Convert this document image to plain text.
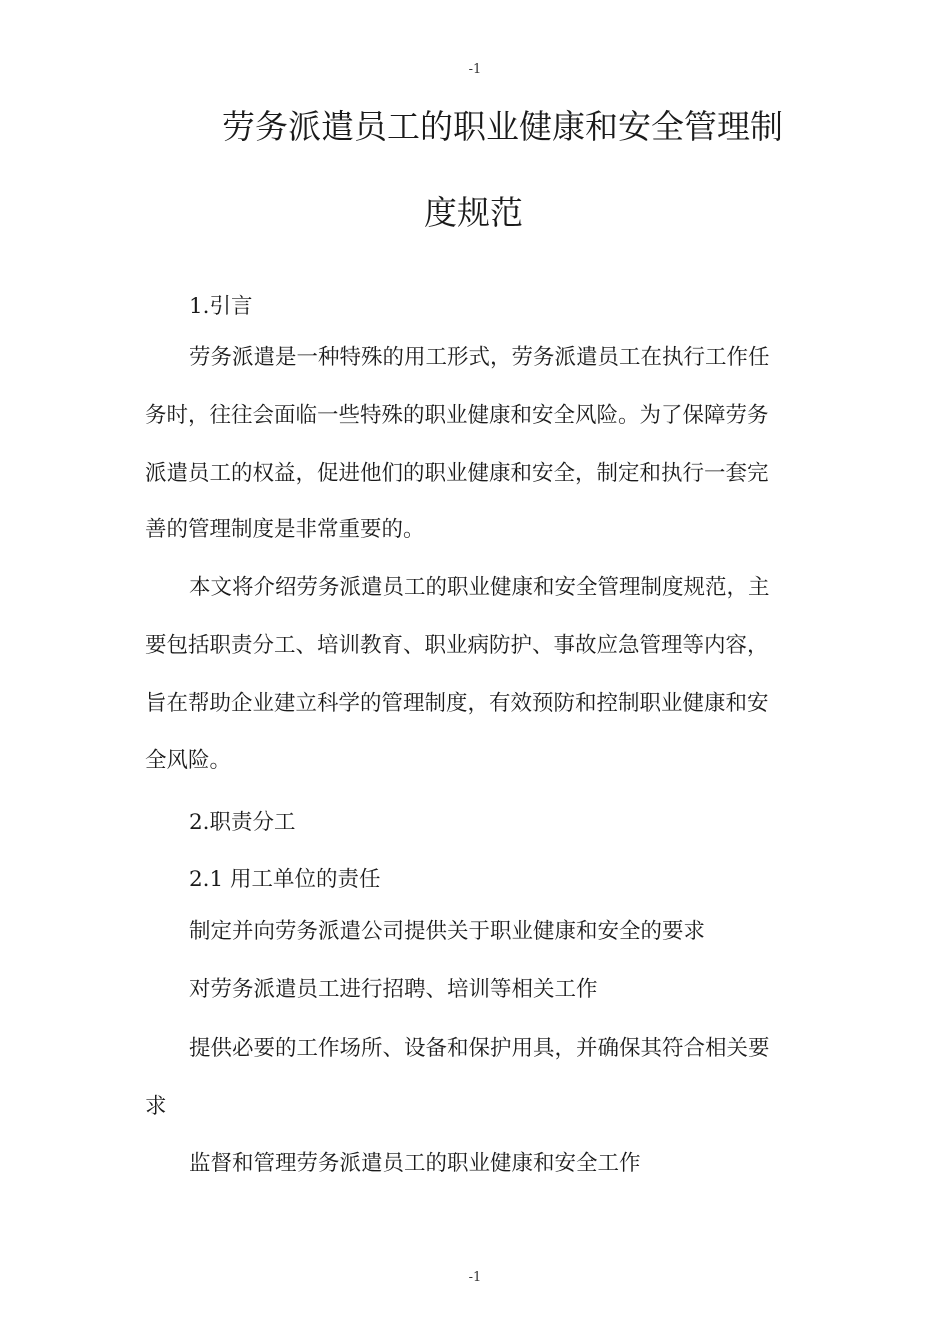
-1
劳务派遣员工的职业健康和安全管理制
度规范
1.引言
劳务派遣是一种特殊的用工形式，劳务派遣员工在执行工作任
务时，往往会面临一些特殊的职业健康和安全风险。为了保障劳务
派遣员工的权益，促进他们的职业健康和安全，制定和执行一套完
善的管理制度是非常重要的。
本文将介绍劳务派遣员工的职业健康和安全管理制度规范，主
要包括职责分工、培训教育、职业病防护、事故应急管理等内容，
旨在帮助企业建立科学的管理制度，有效预防和控制职业健康和安
全风险。
2.职责分工
2.1 用工单位的责任
制定并向劳务派遣公司提供关于职业健康和安全的要求
对劳务派遣员工进行招聘、培训等相关工作
提供必要的工作场所、设备和保护用具，并确保其符合相关要
求
监督和管理劳务派遣员工的职业健康和安全工作
-1
